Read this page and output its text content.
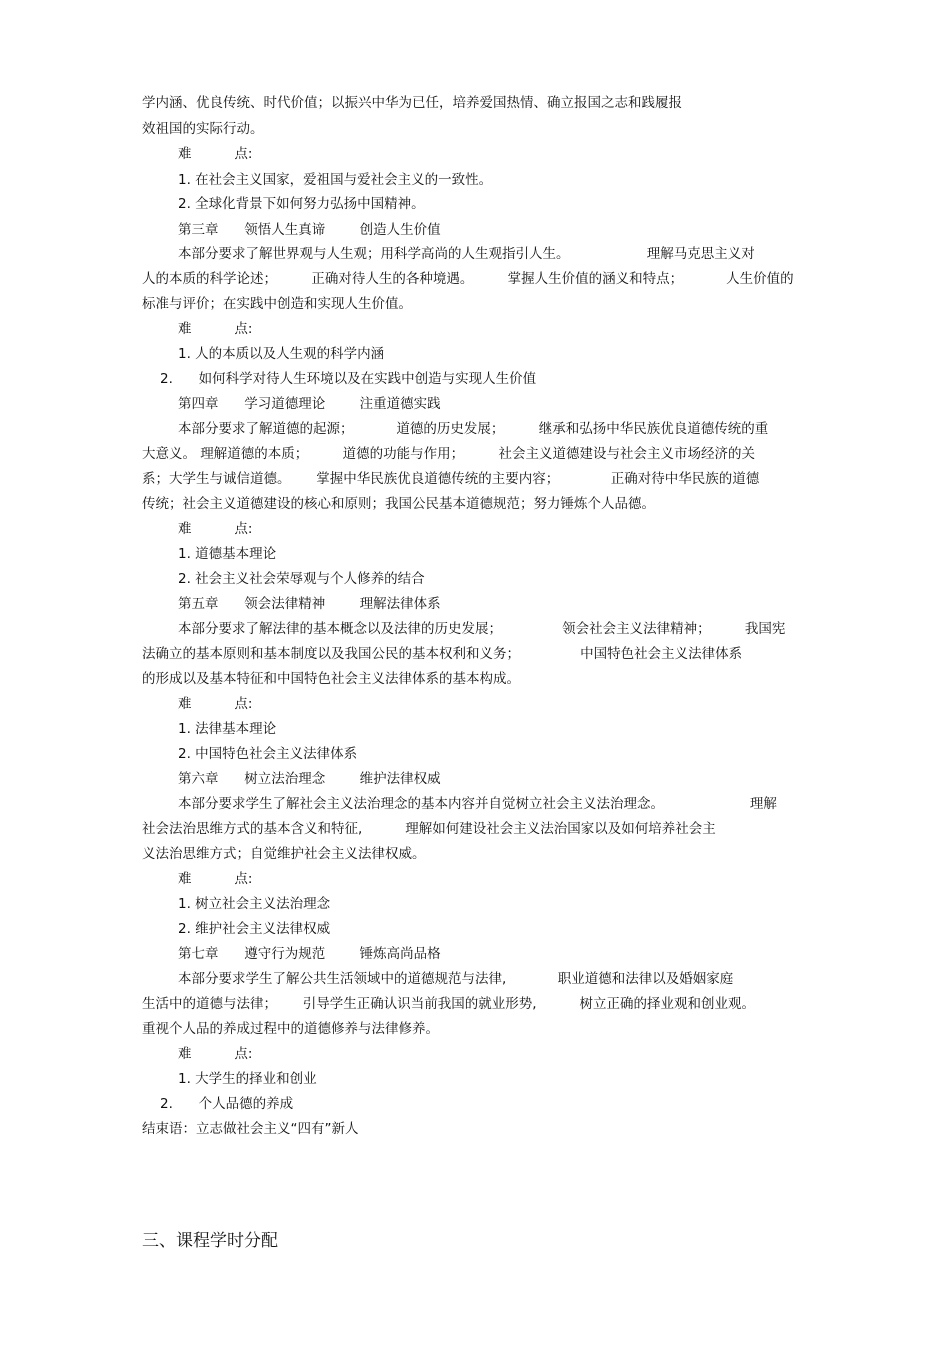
学内涵、优良传统、时代价值；以振兴中华为已任，培养爱国热情、确立报国之志和践履报

效祖国的实际行动。

难          点:

1. 在社会主义国家，爱祖国与爱社会主义的一致性。

2. 全球化背景下如何努力弘扬中国精神。

第三章      领悟人生真谛        创造人生价值

本部分要求了解世界观与人生观；用科学高尚的人生观指引人生。                  理解马克思主义对

人的本质的科学论述；        正确对待人生的各种境遇。        掌握人生价值的涵义和特点；          人生价值的

标准与评价；在实践中创造和实现人生价值。

难          点:

1. 人的本质以及人生观的科学内涵

2.      如何科学对待人生环境以及在实践中创造与实现人生价值

第四章      学习道德理论        注重道德实践

本部分要求了解道德的起源；          道德的历史发展；        继承和弘扬中华民族优良道德传统的重

大意义。 理解道德的本质；        道德的功能与作用；        社会主义道德建设与社会主义市场经济的关

系；大学生与诚信道德。      掌握中华民族优良道德传统的主要内容；            正确对待中华民族的道德

传统；社会主义道德建设的核心和原则；我国公民基本道德规范；努力锤炼个人品德。

难          点:

1. 道德基本理论

2. 社会主义社会荣辱观与个人修养的结合

第五章      领会法律精神        理解法律体系

本部分要求了解法律的基本概念以及法律的历史发展；              领会社会主义法律精神；        我国宪

法确立的基本原则和基本制度以及我国公民的基本权利和义务；              中国特色社会主义法律体系

的形成以及基本特征和中国特色社会主义法律体系的基本构成。

难          点:

1. 法律基本理论

2. 中国特色社会主义法律体系

第六章      树立法治理念        维护法律权威

本部分要求学生了解社会主义法治理念的基本内容并自觉树立社会主义法治理念。                    理解

社会法治思维方式的基本含义和特征,          理解如何建设社会主义法治国家以及如何培养社会主

义法治思维方式；自觉维护社会主义法律权威。

难          点:

1. 树立社会主义法治理念

2. 维护社会主义法律权威

第七章      遵守行为规范        锤炼高尚品格

本部分要求学生了解公共生活领域中的道德规范与法律,            职业道德和法律以及婚姻家庭

生活中的道德与法律；      引导学生正确认识当前我国的就业形势,          树立正确的择业观和创业观。

重视个人品的养成过程中的道德修养与法律修养。

难          点:

1. 大学生的择业和创业

2.      个人品德的养成

结束语：立志做社会主义“四有”新人

三、课程学时分配
